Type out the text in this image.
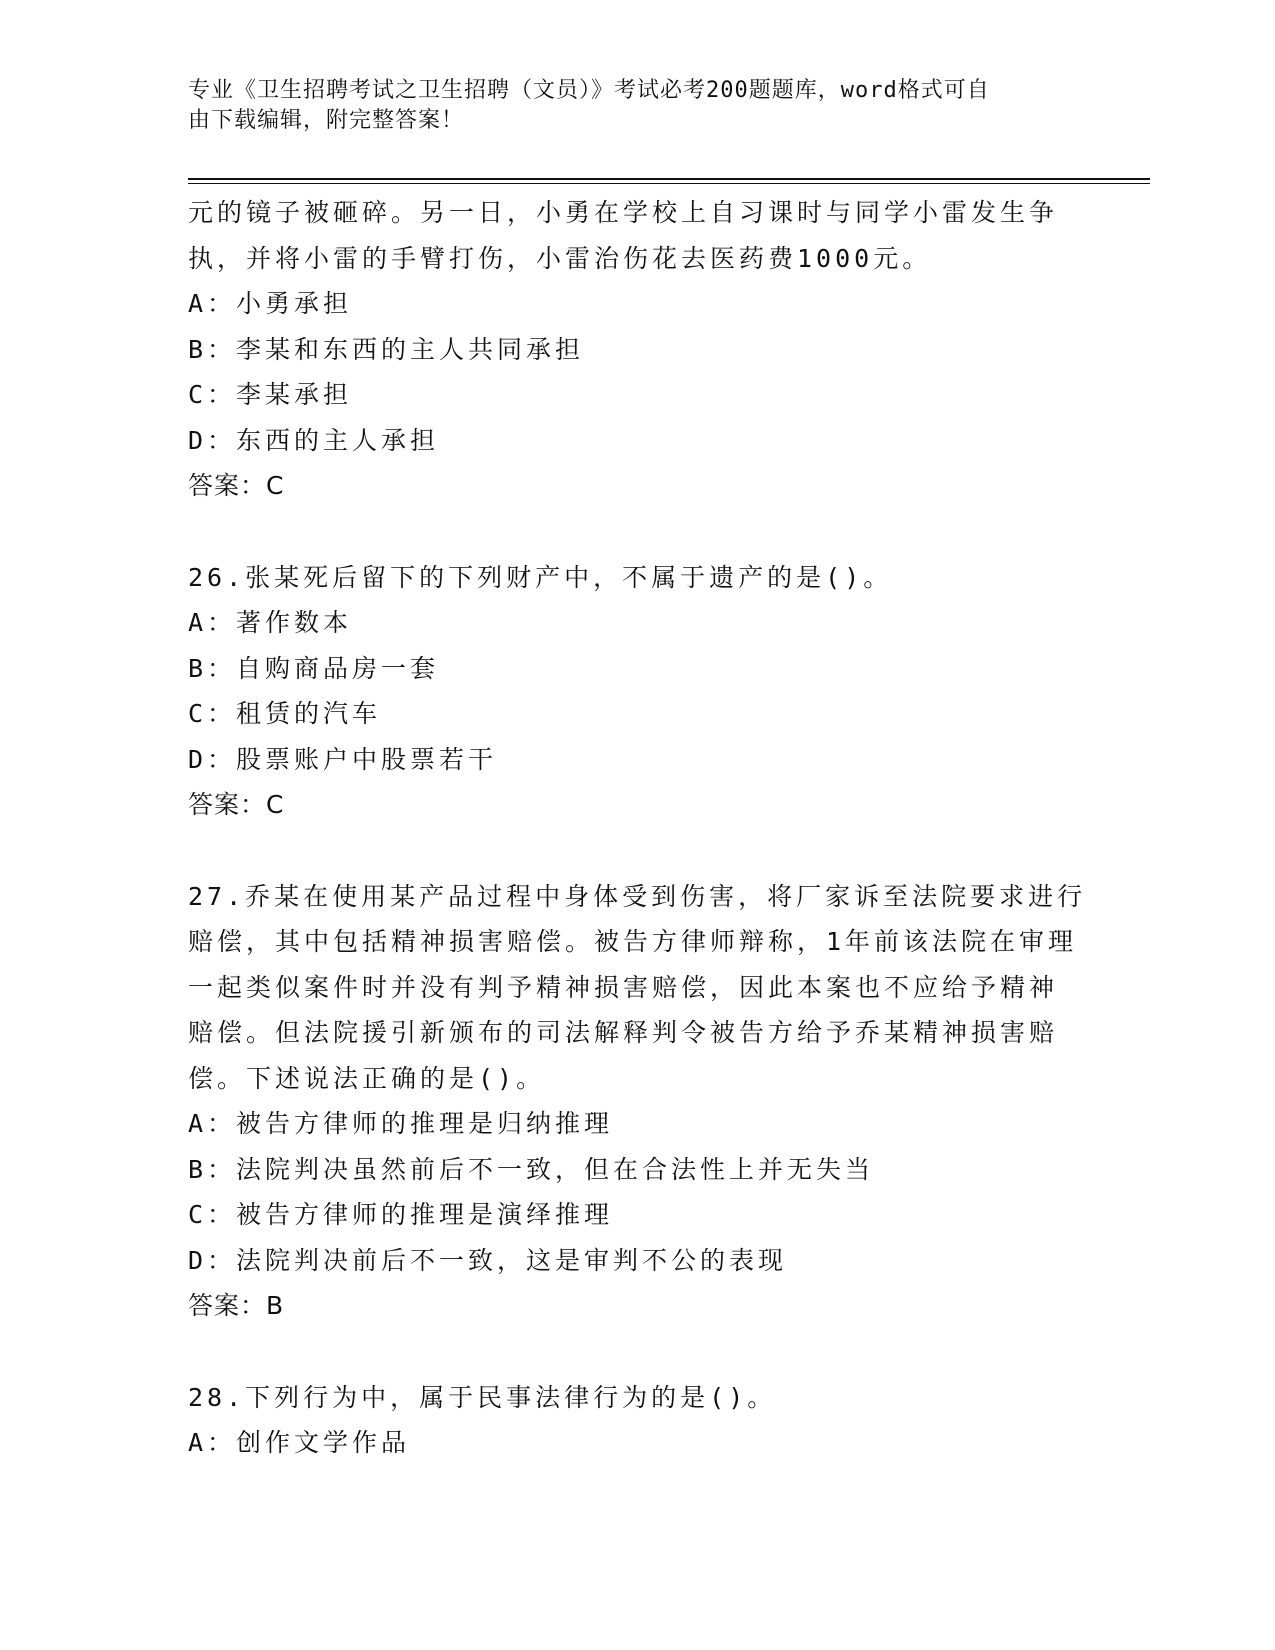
专业《卫生招聘考试之卫生招聘（文员）》考试必考200题题库，word格式可自
由下载编辑，附完整答案！
元的镜子被砸碎。另一日，小勇在学校上自习课时与同学小雷发生争
执，并将小雷的手臂打伤，小雷治伤花去医药费1000元。
A：小勇承担
B：李某和东西的主人共同承担
C：李某承担
D：东西的主人承担
答案：C
26.张某死后留下的下列财产中，不属于遗产的是()。
A：著作数本
B：自购商品房一套
C：租赁的汽车
D：股票账户中股票若干
答案：C
27.乔某在使用某产品过程中身体受到伤害，将厂家诉至法院要求进行
赔偿，其中包括精神损害赔偿。被告方律师辩称，1年前该法院在审理
一起类似案件时并没有判予精神损害赔偿，因此本案也不应给予精神
赔偿。但法院援引新颁布的司法解释判令被告方给予乔某精神损害赔
偿。下述说法正确的是()。
A：被告方律师的推理是归纳推理
B：法院判决虽然前后不一致，但在合法性上并无失当
C：被告方律师的推理是演绎推理
D：法院判决前后不一致，这是审判不公的表现
答案：B
28.下列行为中，属于民事法律行为的是()。
A：创作文学作品
